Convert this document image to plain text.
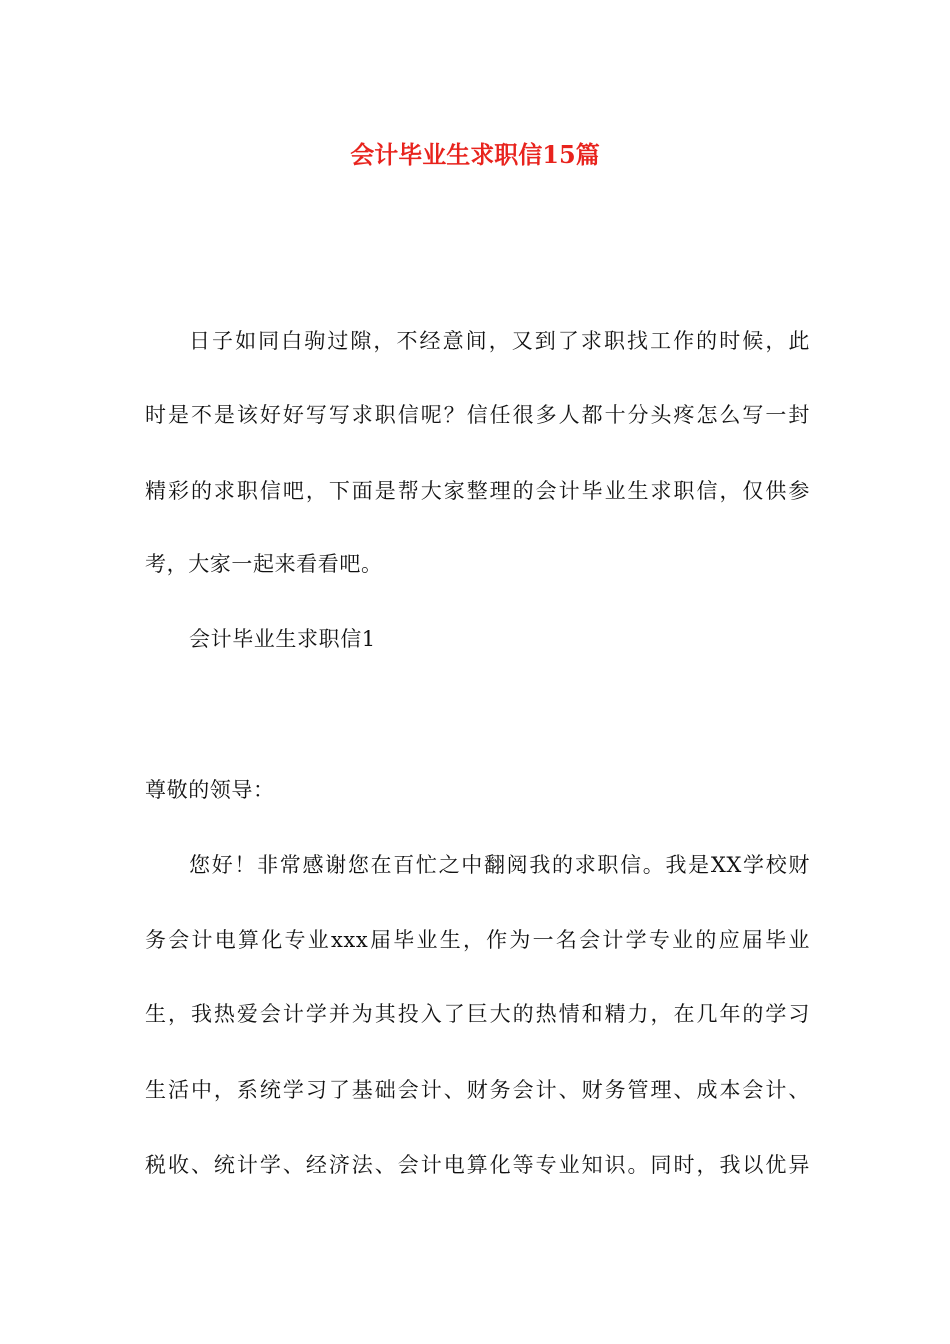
会计毕业生求职信15篇
日子如同白驹过隙，不经意间，又到了求职找工作的时候，此
时是不是该好好写写求职信呢？信任很多人都十分头疼怎么写一封
精彩的求职信吧，下面是帮大家整理的会计毕业生求职信，仅供参
考，大家一起来看看吧。
会计毕业生求职信1
尊敬的领导：
您好！非常感谢您在百忙之中翻阅我的求职信。我是XX学校财
务会计电算化专业xxx届毕业生，作为一名会计学专业的应届毕业
生，我热爱会计学并为其投入了巨大的热情和精力，在几年的学习
生活中，系统学习了基础会计、财务会计、财务管理、成本会计、
税收、统计学、经济法、会计电算化等专业知识。同时，我以优异
